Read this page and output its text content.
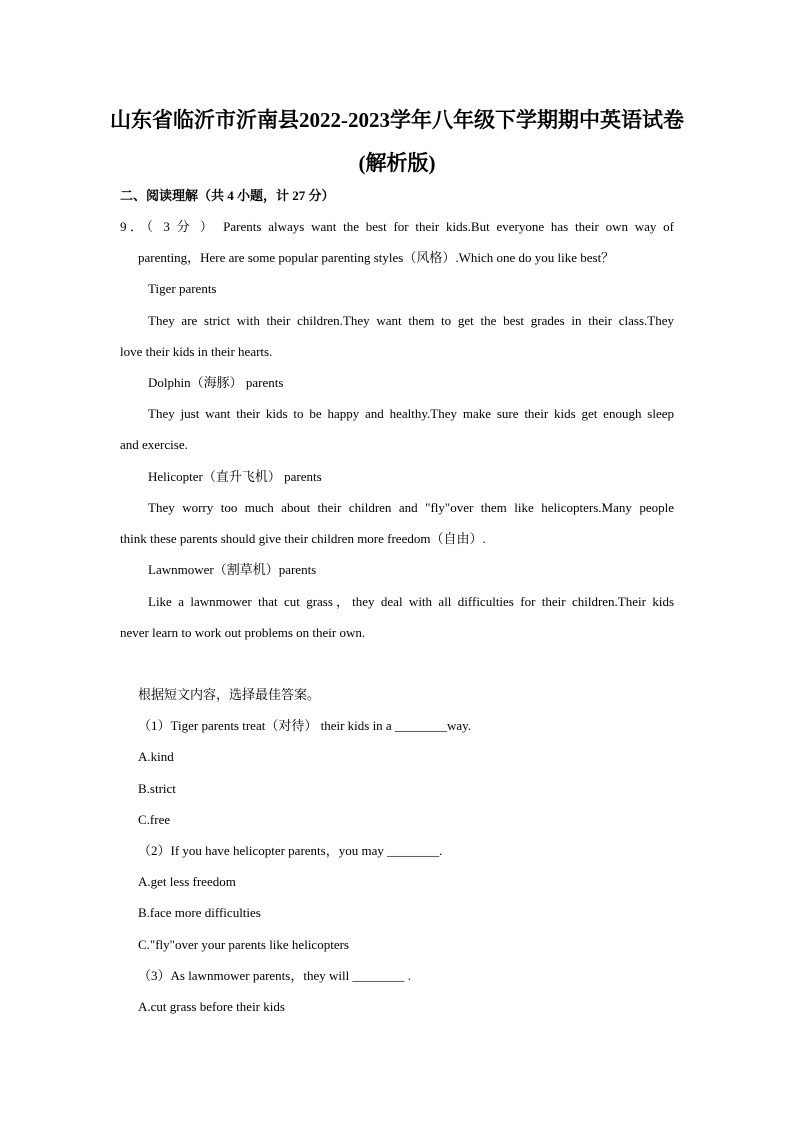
山东省临沂市沂南县2022-2023学年八年级下学期期中英语试卷
(解析版)
二、阅读理解（共 4 小题，计 27 分）
9．（ 3 分 ） Parents always want the best for their kids.But everyone has their own way of
parenting，Here are some popular parenting styles（风格）.Which one do you like best？
Tiger parents
They are strict with their children.They want them to get the best grades in their class.They
love their kids in their hearts.
Dolphin（海豚） parents
They just want their kids to be happy and healthy.They make sure their kids get enough sleep
and exercise.
Helicopter（直升飞机） parents
They worry too much about their children and "fly"over them like helicopters.Many people
think these parents should give their children more freedom（自由）.
Lawnmower（割草机）parents
Like a lawnmower that cut grass，they deal with all difficulties for their children.Their kids
never learn to work out problems on their own.
根据短文内容，选择最佳答案。
（1）Tiger parents treat（对待） their kids in a ________way.
A.kind
B.strict
C.free
（2）If you have helicopter parents，you may ________.
A.get less freedom
B.face more difficulties
C."fly"over your parents like helicopters
（3）As lawnmower parents，they will ________ .
A.cut grass before their kids
